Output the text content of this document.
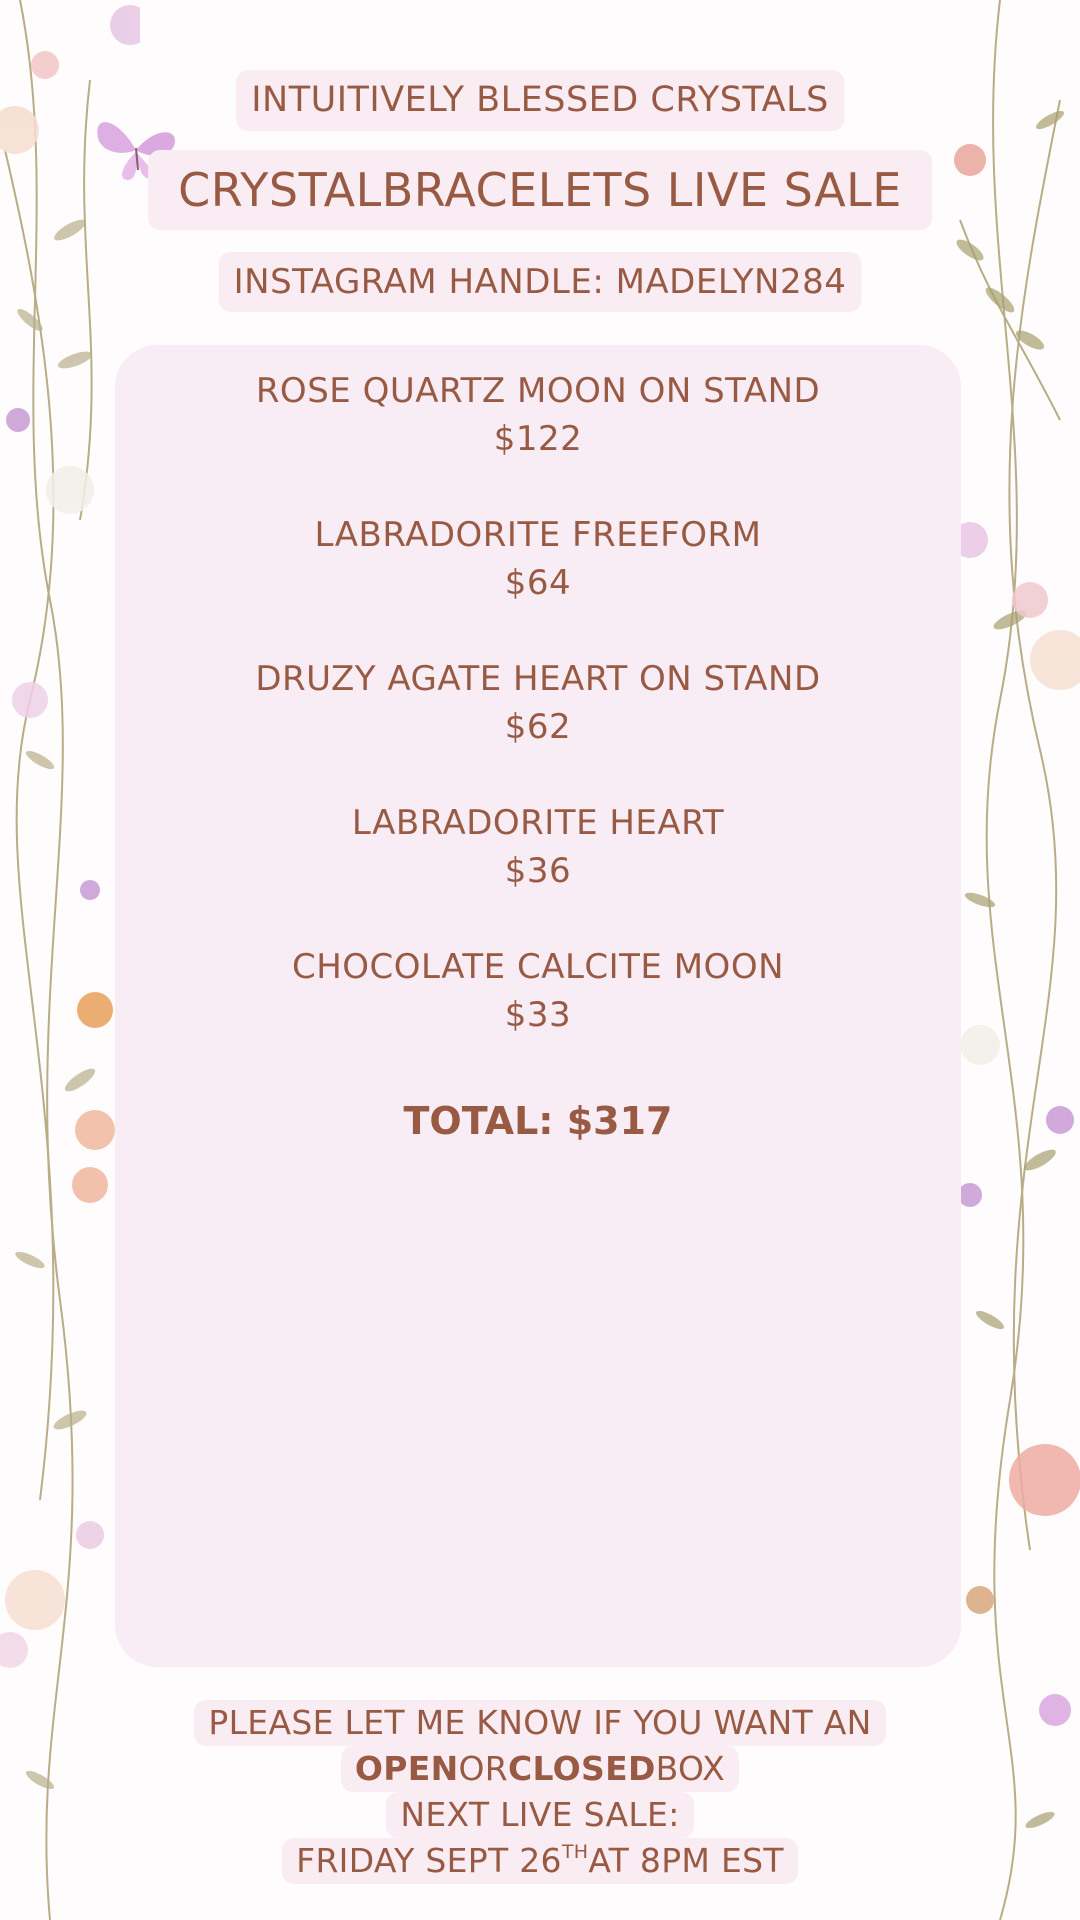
INTUITIVELY BLESSED CRYSTALS
CRYSTALBRACELETS LIVE SALE
INSTAGRAM HANDLE: MADELYN284
ROSE QUARTZ MOON ON STAND
$122
LABRADORITE FREEFORM
$64
DRUZY AGATE HEART ON STAND
$62
LABRADORITE HEART
$36
CHOCOLATE CALCITE MOON
$33
TOTAL: $317
PLEASE LET ME KNOW IF YOU WANT AN
OPENORCLOSEDBOX
NEXT LIVE SALE:
FRIDAY SEPT 26THAT 8PM EST
